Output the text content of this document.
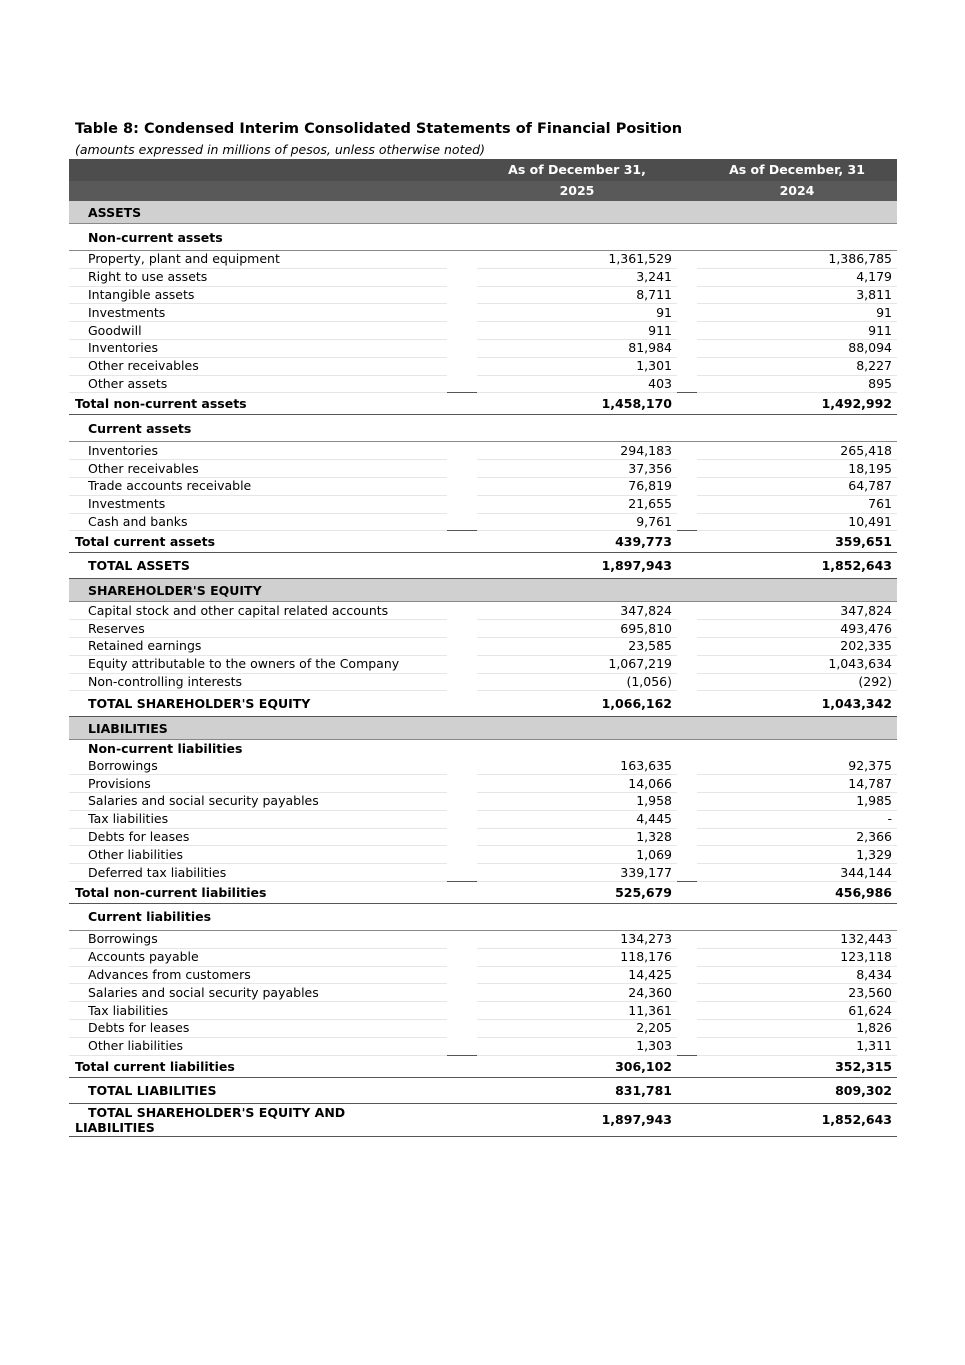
Table 8: Condensed Interim Consolidated Statements of Financial Position
(amounts expressed in millions of pesos, unless otherwise noted)
		As of December 31,		As of December, 31
		2025		2024
ASSETS				
Non-current assets				
Property, plant and equipment		1,361,529		1,386,785
Right to use assets		3,241		4,179
Intangible assets		8,711		3,811
Investments		91		91
Goodwill		911		911
Inventories		81,984		88,094
Other receivables		1,301		8,227
Other assets		403		895
Total non-current assets		1,458,170		1,492,992
Current assets				
Inventories		294,183		265,418
Other receivables		37,356		18,195
Trade accounts receivable		76,819		64,787
Investments		21,655		761
Cash and banks		9,761		10,491
Total current assets		439,773		359,651
TOTAL ASSETS		1,897,943		1,852,643
SHAREHOLDER'S EQUITY				
Capital stock and other capital related accounts		347,824		347,824
Reserves		695,810		493,476
Retained earnings		23,585		202,335
Equity attributable to the owners of the Company		1,067,219		1,043,634
Non-controlling interests		(1,056)		(292)
TOTAL SHAREHOLDER'S EQUITY		1,066,162		1,043,342
LIABILITIES				
Non-current liabilities				
Borrowings		163,635		92,375
Provisions		14,066		14,787
Salaries and social security payables		1,958		1,985
Tax liabilities		4,445		-
Debts for leases		1,328		2,366
Other liabilities		1,069		1,329
Deferred tax liabilities		339,177		344,144
Total non-current liabilities		525,679		456,986
Current liabilities				
Borrowings		134,273		132,443
Accounts payable		118,176		123,118
Advances from customers		14,425		8,434
Salaries and social security payables		24,360		23,560
Tax liabilities		11,361		61,624
Debts for leases		2,205		1,826
Other liabilities		1,303		1,311
Total current liabilities		306,102		352,315
TOTAL LIABILITIES		831,781		809,302
TOTAL SHAREHOLDER'S EQUITY AND
LIABILITIES		1,897,943		1,852,643
